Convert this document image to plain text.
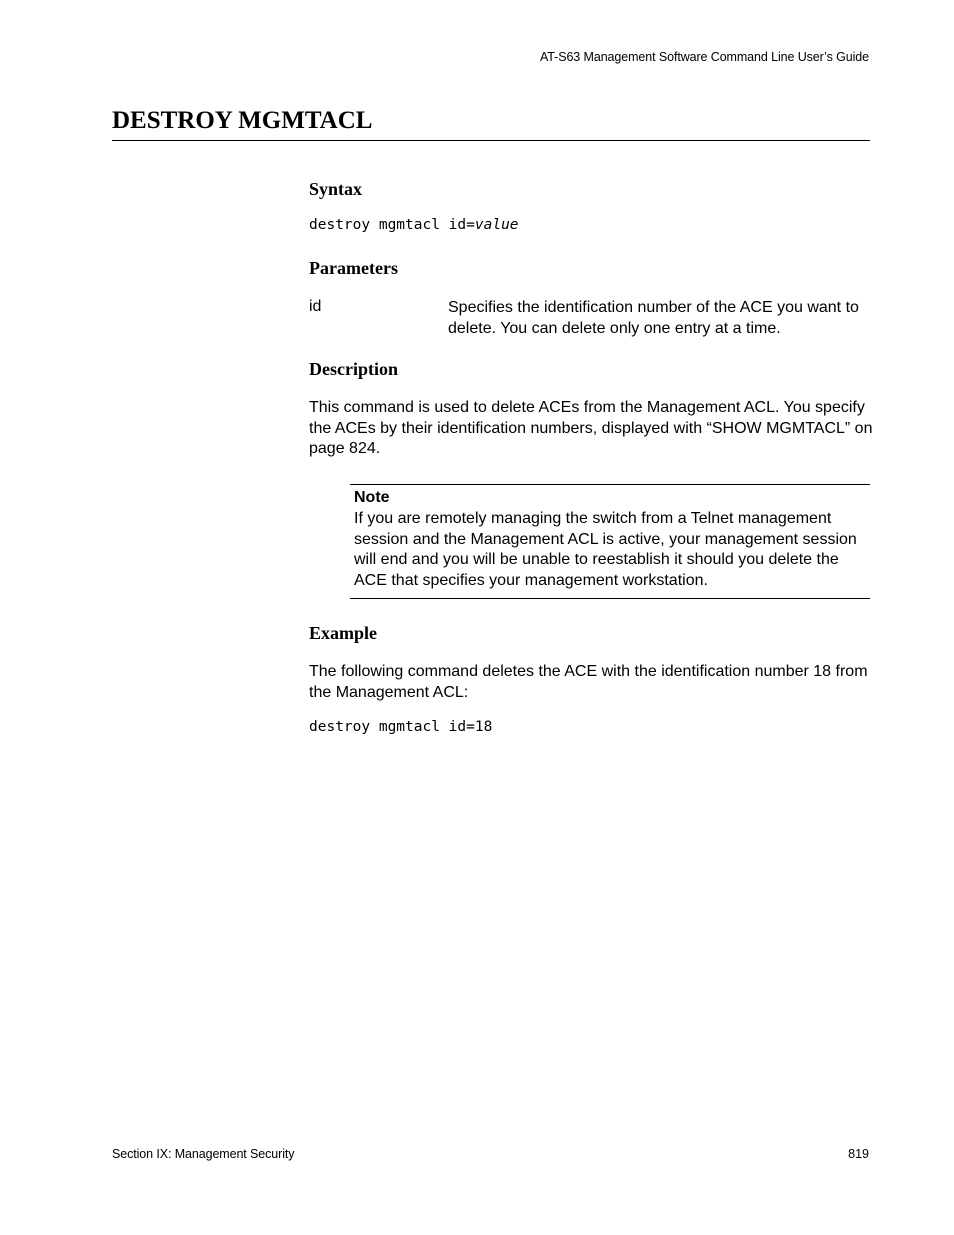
AT-S63 Management Software Command Line User’s Guide
DESTROY MGMTACL
Syntax
destroy mgmtacl id=value
Parameters
id	Specifies the identification number of the ACE you want to delete. You can delete only one entry at a time.

Description

This command is used to delete ACEs from the Management ACL. You specify the ACEs by their identification numbers, displayed with “SHOW MGMTACL” on page 824.

Note

If you are remotely managing the switch from a Telnet management session and the Management ACL is active, your management session will end and you will be unable to reestablish it should you delete the ACE that specifies your management workstation.

Example

The following command deletes the ACE with the identification number 18 from the Management ACL:

destroy mgmtacl id=18
Section IX: Management Security	819
